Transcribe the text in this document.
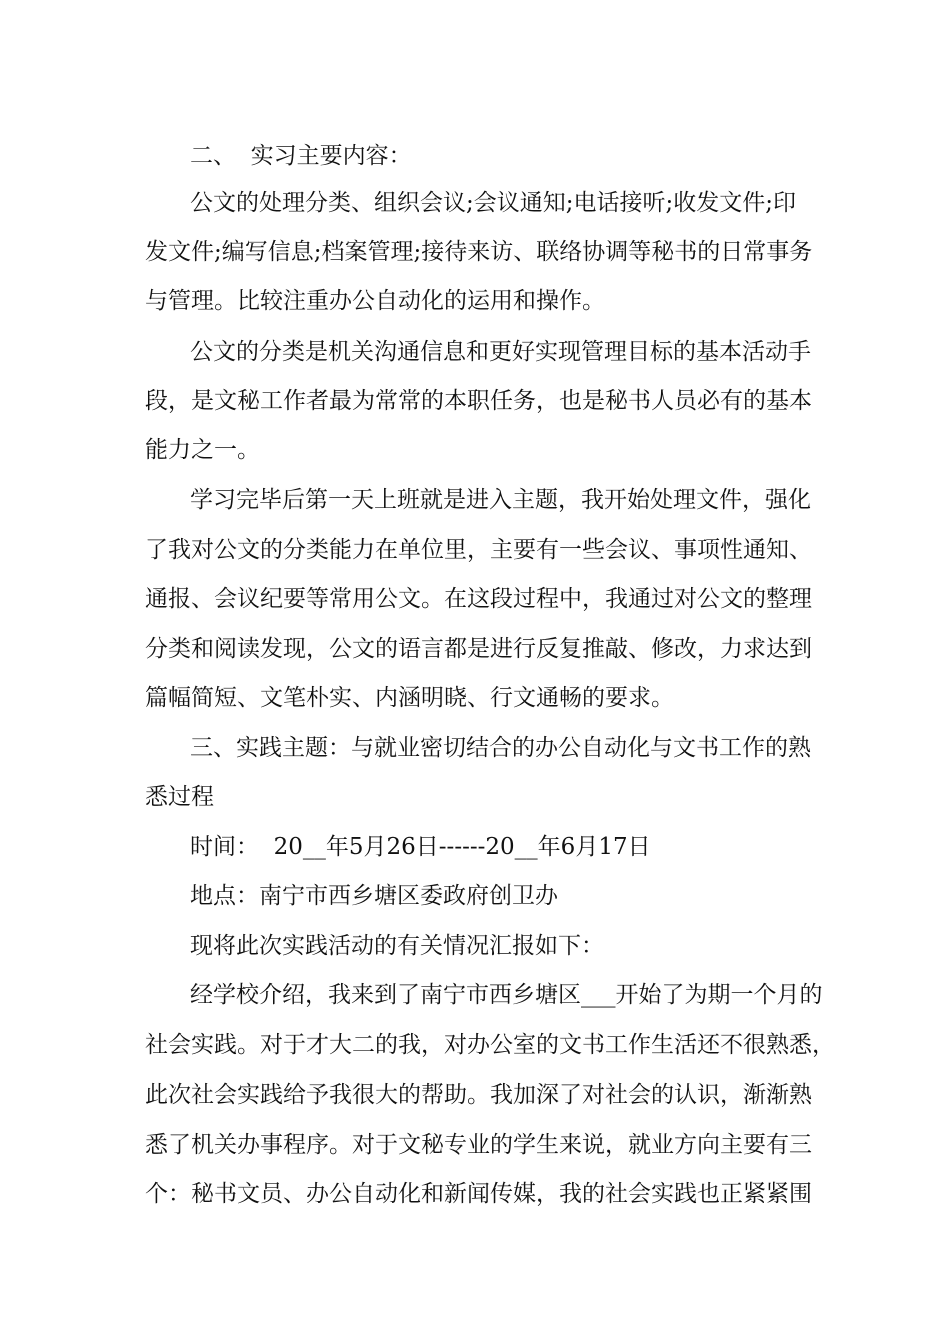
二、  实习主要内容：

公文的处理分类、组织会议;会议通知;电话接听;收发文件;印

发文件;编写信息;档案管理;接待来访、联络协调等秘书的日常事务

与管理。比较注重办公自动化的运用和操作。

公文的分类是机关沟通信息和更好实现管理目标的基本活动手

段，是文秘工作者最为常常的本职任务，也是秘书人员必有的基本

能力之一。

学习完毕后第一天上班就是进入主题，我开始处理文件，强化

了我对公文的分类能力在单位里，主要有一些会议、事项性通知、

通报、会议纪要等常用公文。在这段过程中，我通过对公文的整理

分类和阅读发现，公文的语言都是进行反复推敲、修改，力求达到

篇幅简短、文笔朴实、内涵明晓、行文通畅的要求。

三、实践主题：与就业密切结合的办公自动化与文书工作的熟

悉过程

时间：  20__年5月26日------20__年6月17日

地点：南宁市西乡塘区委政府创卫办

现将此次实践活动的有关情况汇报如下：

经学校介绍，我来到了南宁市西乡塘区___开始了为期一个月的

社会实践。对于才大二的我，对办公室的文书工作生活还不很熟悉，

此次社会实践给予我很大的帮助。我加深了对社会的认识，渐渐熟

悉了机关办事程序。对于文秘专业的学生来说，就业方向主要有三

个：秘书文员、办公自动化和新闻传媒，我的社会实践也正紧紧围
